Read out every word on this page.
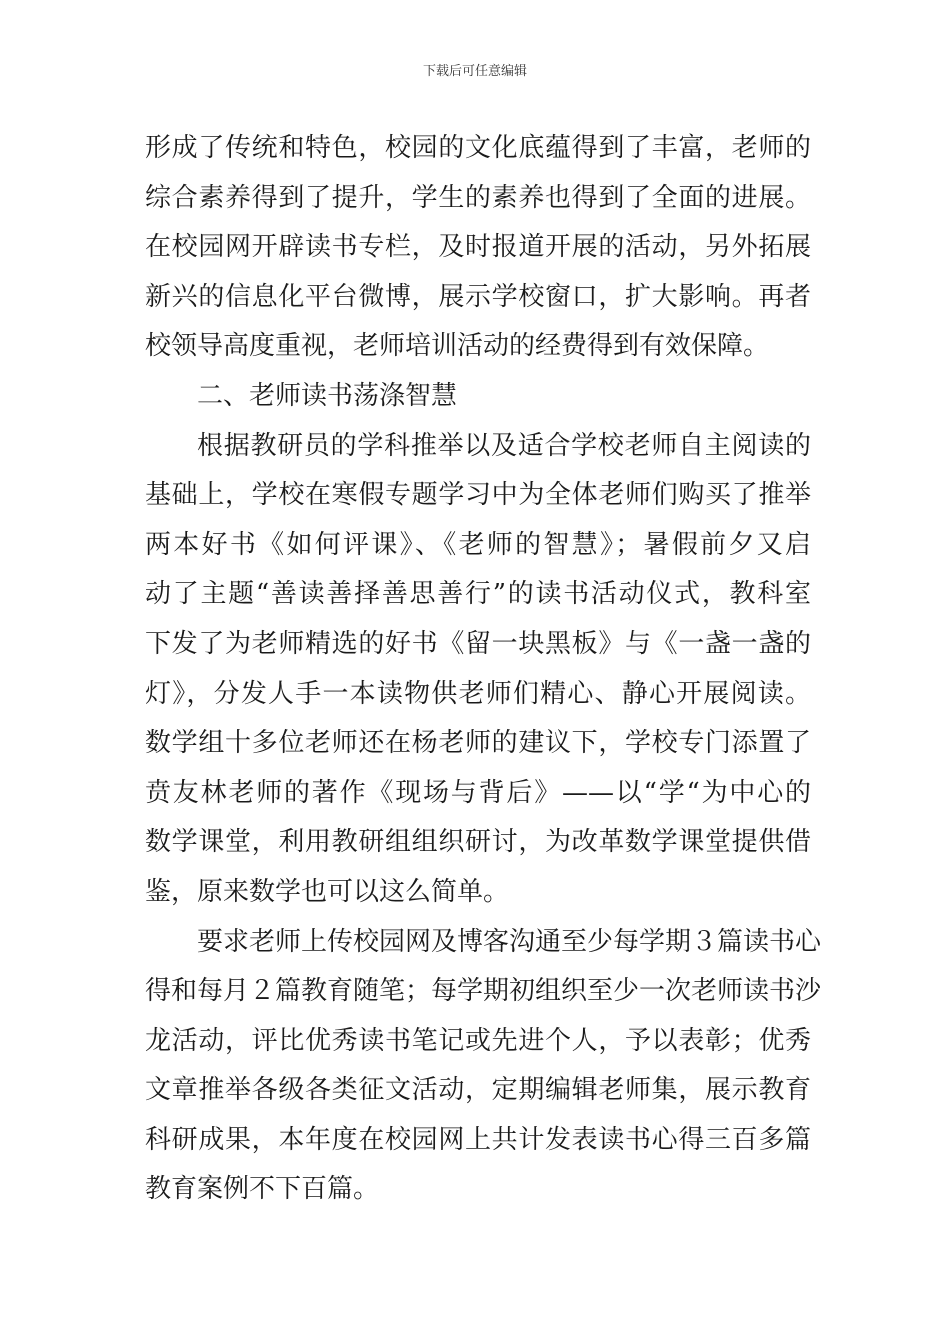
下载后可任意编辑
形成了传统和特色，校园的文化底蕴得到了丰富，老师的
综合素养得到了提升，学生的素养也得到了全面的进展。
在校园网开辟读书专栏，及时报道开展的活动，另外拓展
新兴的信息化平台微博，展示学校窗口，扩大影响。再者
校领导高度重视，老师培训活动的经费得到有效保障。
二、老师读书荡涤智慧
根据教研员的学科推举以及适合学校老师自主阅读的
基础上，学校在寒假专题学习中为全体老师们购买了推举
两本好书《如何评课》、《老师的智慧》；暑假前夕又启
动了主题“善读善择善思善行”的读书活动仪式，教科室
下发了为老师精选的好书《留一块黑板》与《一盏一盏的
灯》，分发人手一本读物供老师们精心、静心开展阅读。
数学组十多位老师还在杨老师的建议下，学校专门添置了
贲友林老师的著作《现场与背后》——以“学“为中心的
数学课堂，利用教研组组织研讨，为改革数学课堂提供借
鉴，原来数学也可以这么简单。
要求老师上传校园网及博客沟通至少每学期３篇读书心
得和每月２篇教育随笔；每学期初组织至少一次老师读书沙
龙活动，评比优秀读书笔记或先进个人，予以表彰；优秀
文章推举各级各类征文活动，定期编辑老师集，展示教育
科研成果，本年度在校园网上共计发表读书心得三百多篇
教育案例不下百篇。
